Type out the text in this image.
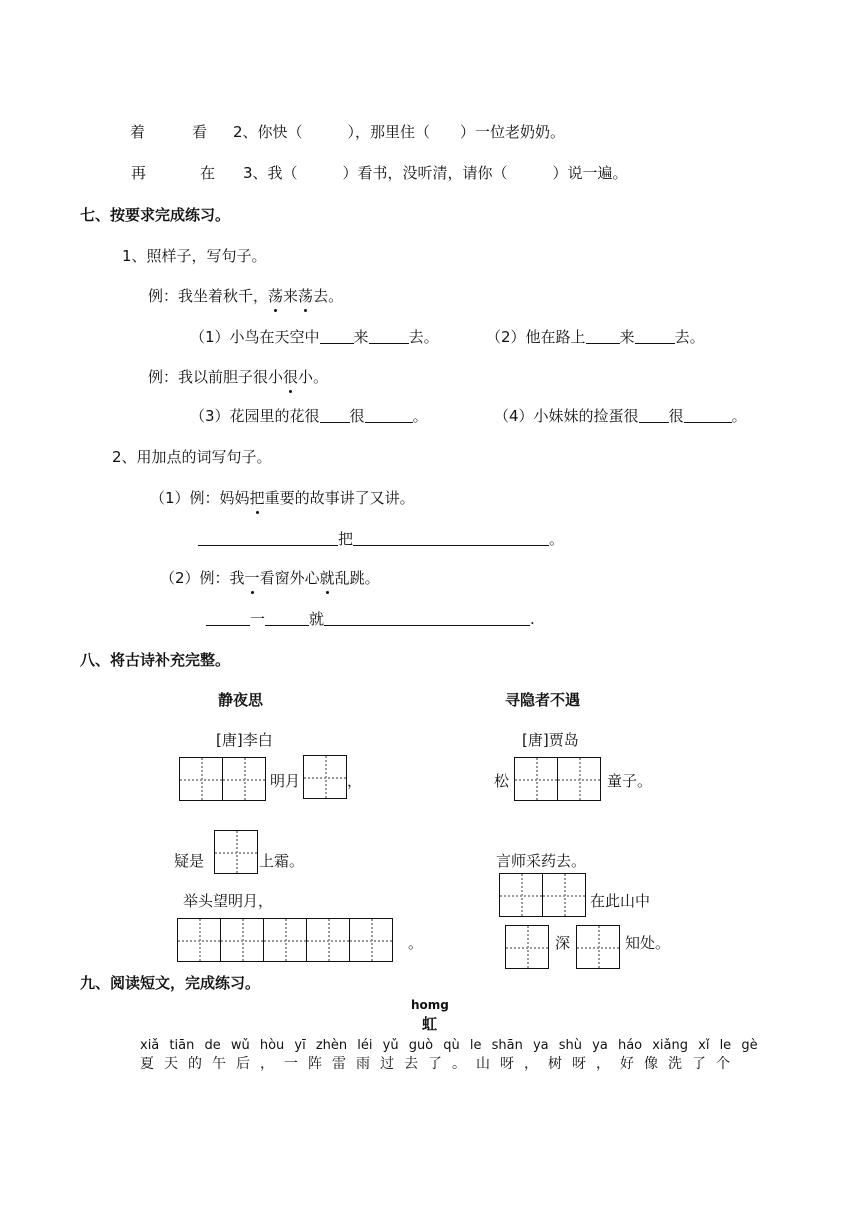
着	看 2、你快（　　　），那里住（　　）一位老奶奶。
再	在 3、我（　　　）看书，没听清，请你（　　　）说一遍。
七、按要求完成练习。
1、照样子，写句子。
例：我坐着秋千，荡来荡去。
（1）小鸟在天空中 来	去。	（2）他在路上 来	去。
例：我以前胆子很小很小。
（3）花园里的花很 很	。	（4）小妹妹的捡蛋很 很	。
2、用加点的词写句子。
（1）例：妈妈把重要的故事讲了又讲。
把	。
（2）例：我一看窗外心就乱跳。
一	就	.
八、将古诗补充完整。
静夜思
[唐]李白
明月	，
疑是	上霜。
举头望明月，
。
寻隐者不遇
[唐]贾岛
松	童子。
言师采药去。
在此山中
深	知处。
九、阅读短文，完成练习。
homg
虹
xiǎ tiān de wǔ hòu yī zhèn léi yǔ guò qù le shān ya shù ya háo xiǎng xǐ le gè
夏天的午后，一阵雷雨过去了。山呀，树呀，好像洗了个
